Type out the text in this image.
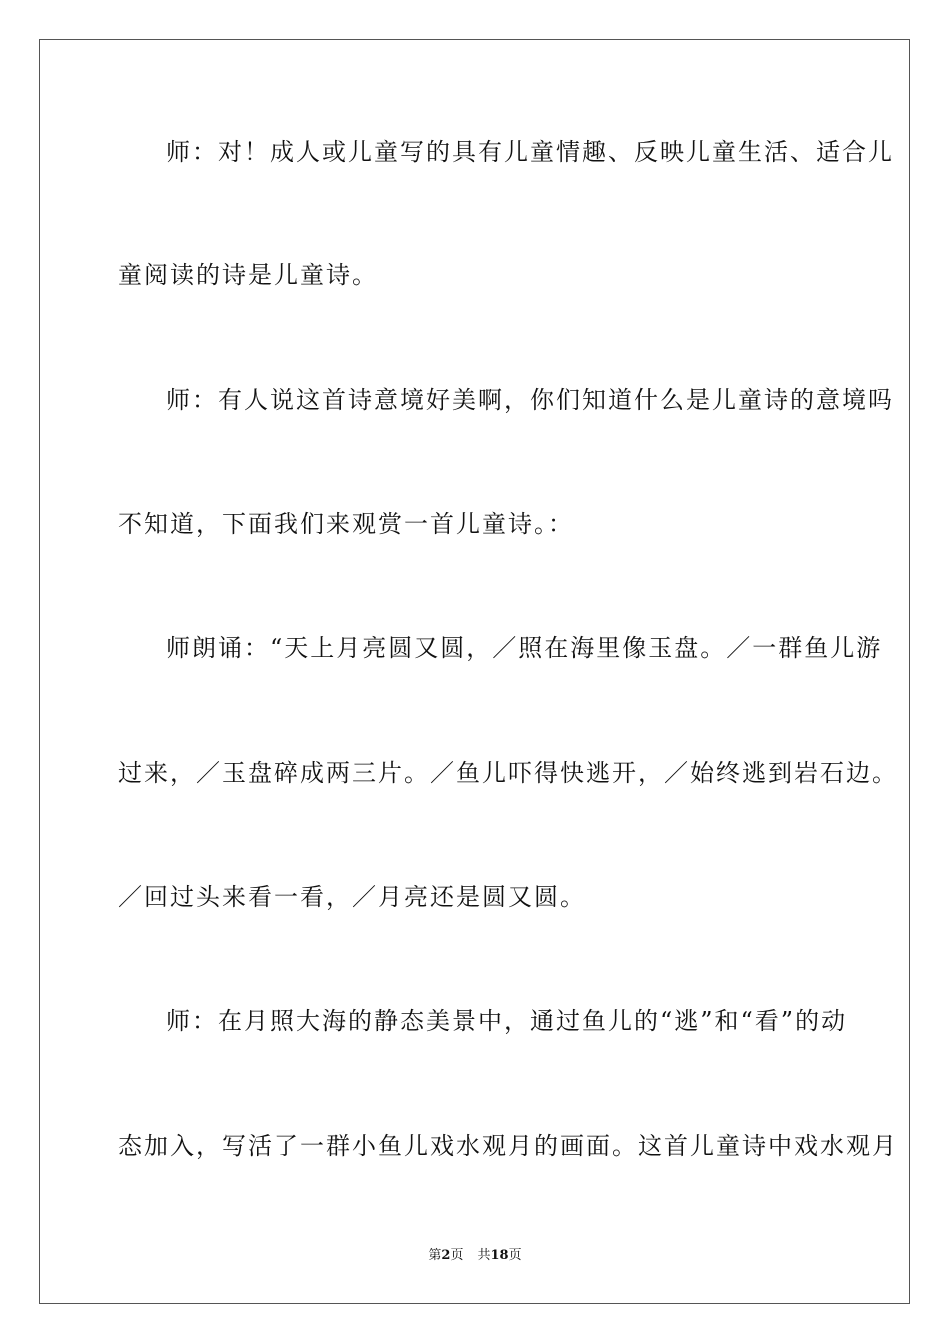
师：对！成人或儿童写的具有儿童情趣、反映儿童生活、适合儿
童阅读的诗是儿童诗。
师：有人说这首诗意境好美啊，你们知道什么是儿童诗的意境吗
不知道，下面我们来观赏一首儿童诗。：
师朗诵：“天上月亮圆又圆，／照在海里像玉盘。／一群鱼儿游
过来，／玉盘碎成两三片。／鱼儿吓得快逃开，／始终逃到岩石边。
／回过头来看一看，／月亮还是圆又圆。
师：在月照大海的静态美景中，通过鱼儿的“逃”和“看”的动
态加入，写活了一群小鱼儿戏水观月的画面。这首儿童诗中戏水观月
第2页 共18页
